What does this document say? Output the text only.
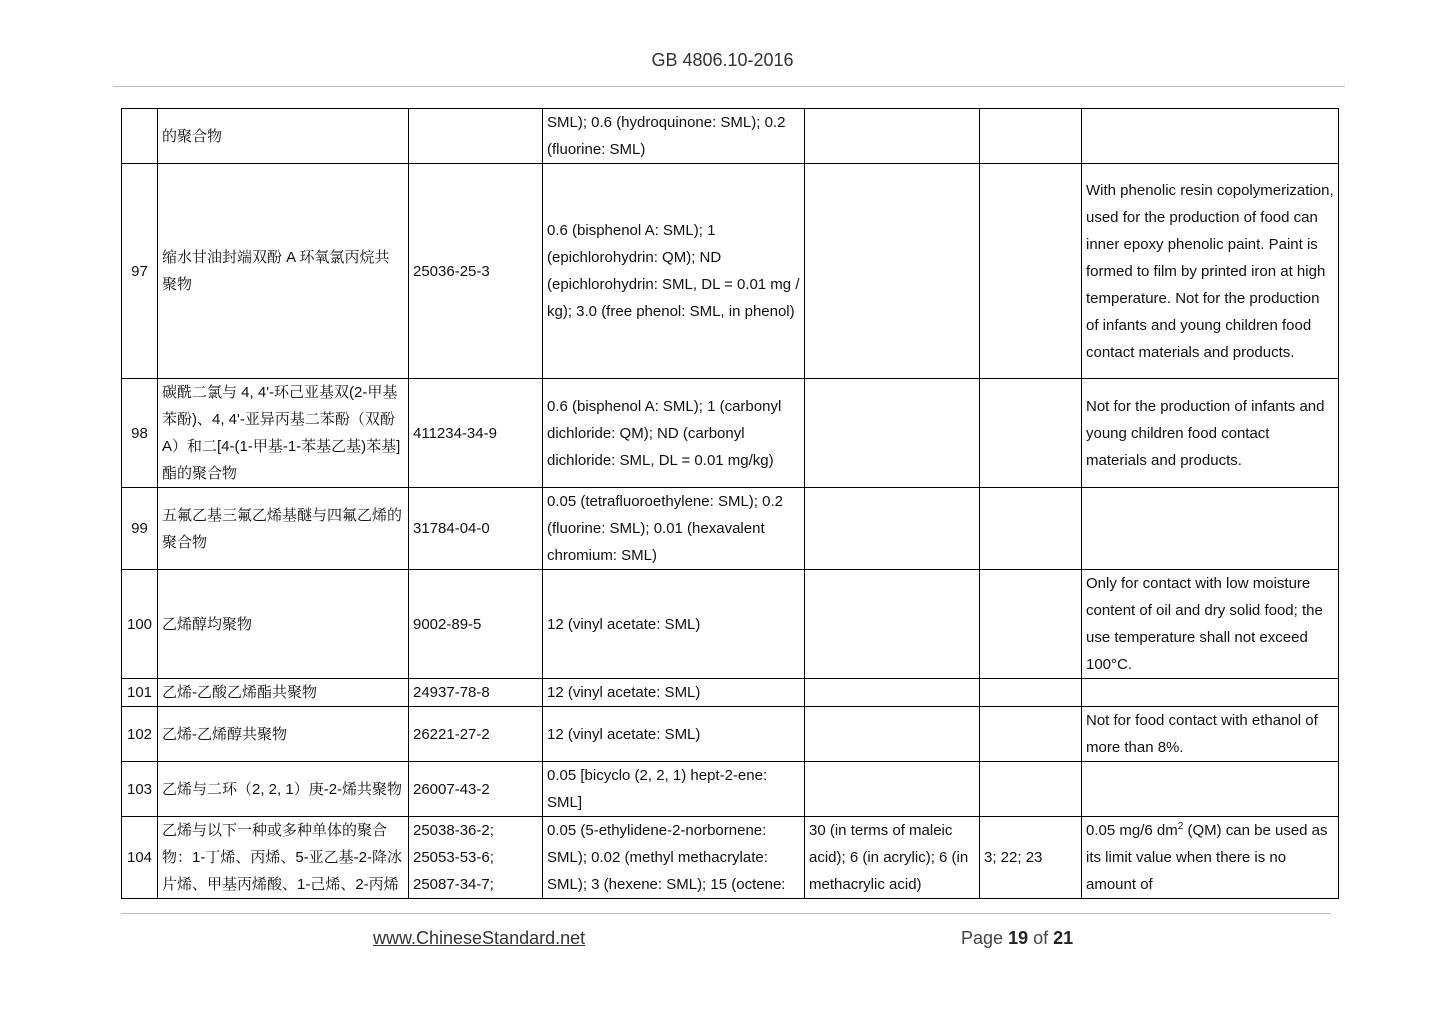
GB 4806.10-2016
	的聚合物		SML); 0.6 (hydroquinone: SML); 0.2 (fluorine: SML)			
97	缩水甘油封端双酚 A 环氧氯丙烷共聚物	25036-25-3	0.6 (bisphenol A: SML); 1 (epichlorohydrin: QM); ND (epichlorohydrin: SML, DL = 0.01 mg / kg); 3.0 (free phenol: SML, in phenol)			With phenolic resin copolymerization, used for the production of food can inner epoxy phenolic paint. Paint is formed to film by printed iron at high temperature. Not for the production of infants and young children food contact materials and products.
98	碳酰二氯与 4, 4'-环己亚基双(2-甲基苯酚)、4, 4'-亚异丙基二苯酚（双酚 A）和二[4-(1-甲基-1-苯基乙基)苯基]酯的聚合物	411234-34-9	0.6 (bisphenol A: SML); 1 (carbonyl dichloride: QM); ND (carbonyl dichloride: SML, DL = 0.01 mg/kg)			Not for the production of infants and young children food contact materials and products.
99	五氟乙基三氟乙烯基醚与四氟乙烯的聚合物	31784-04-0	0.05 (tetrafluoroethylene: SML); 0.2 (fluorine: SML); 0.01 (hexavalent chromium: SML)			
100	乙烯醇均聚物	9002-89-5	12 (vinyl acetate: SML)			Only for contact with low moisture content of oil and dry solid food; the use temperature shall not exceed 100°C.
101	乙烯-乙酸乙烯酯共聚物	24937-78-8	12 (vinyl acetate: SML)			
102	乙烯-乙烯醇共聚物	26221-27-2	12 (vinyl acetate: SML)			Not for food contact with ethanol of more than 8%.
103	乙烯与二环（2, 2, 1）庚-2-烯共聚物	26007-43-2	0.05 [bicyclo (2, 2, 1) hept-2-ene: SML]			
104	乙烯与以下一种或多种单体的聚合物：1-丁烯、丙烯、5-亚乙基-2-降冰片烯、甲基丙烯酸、1-己烯、2-丙烯	25038-36-2; 25053-53-6; 25087-34-7;	0.05 (5-ethylidene-2-norbornene: SML); 0.02 (methyl methacrylate: SML); 3 (hexene: SML); 15 (octene:	30 (in terms of maleic acid); 6 (in acrylic); 6 (in methacrylic acid)	3; 22; 23	0.05 mg/6 $dm^2$ (QM) can be used as its limit value when there is no amount of
www.ChineseStandard.net	Page 19 of 21
